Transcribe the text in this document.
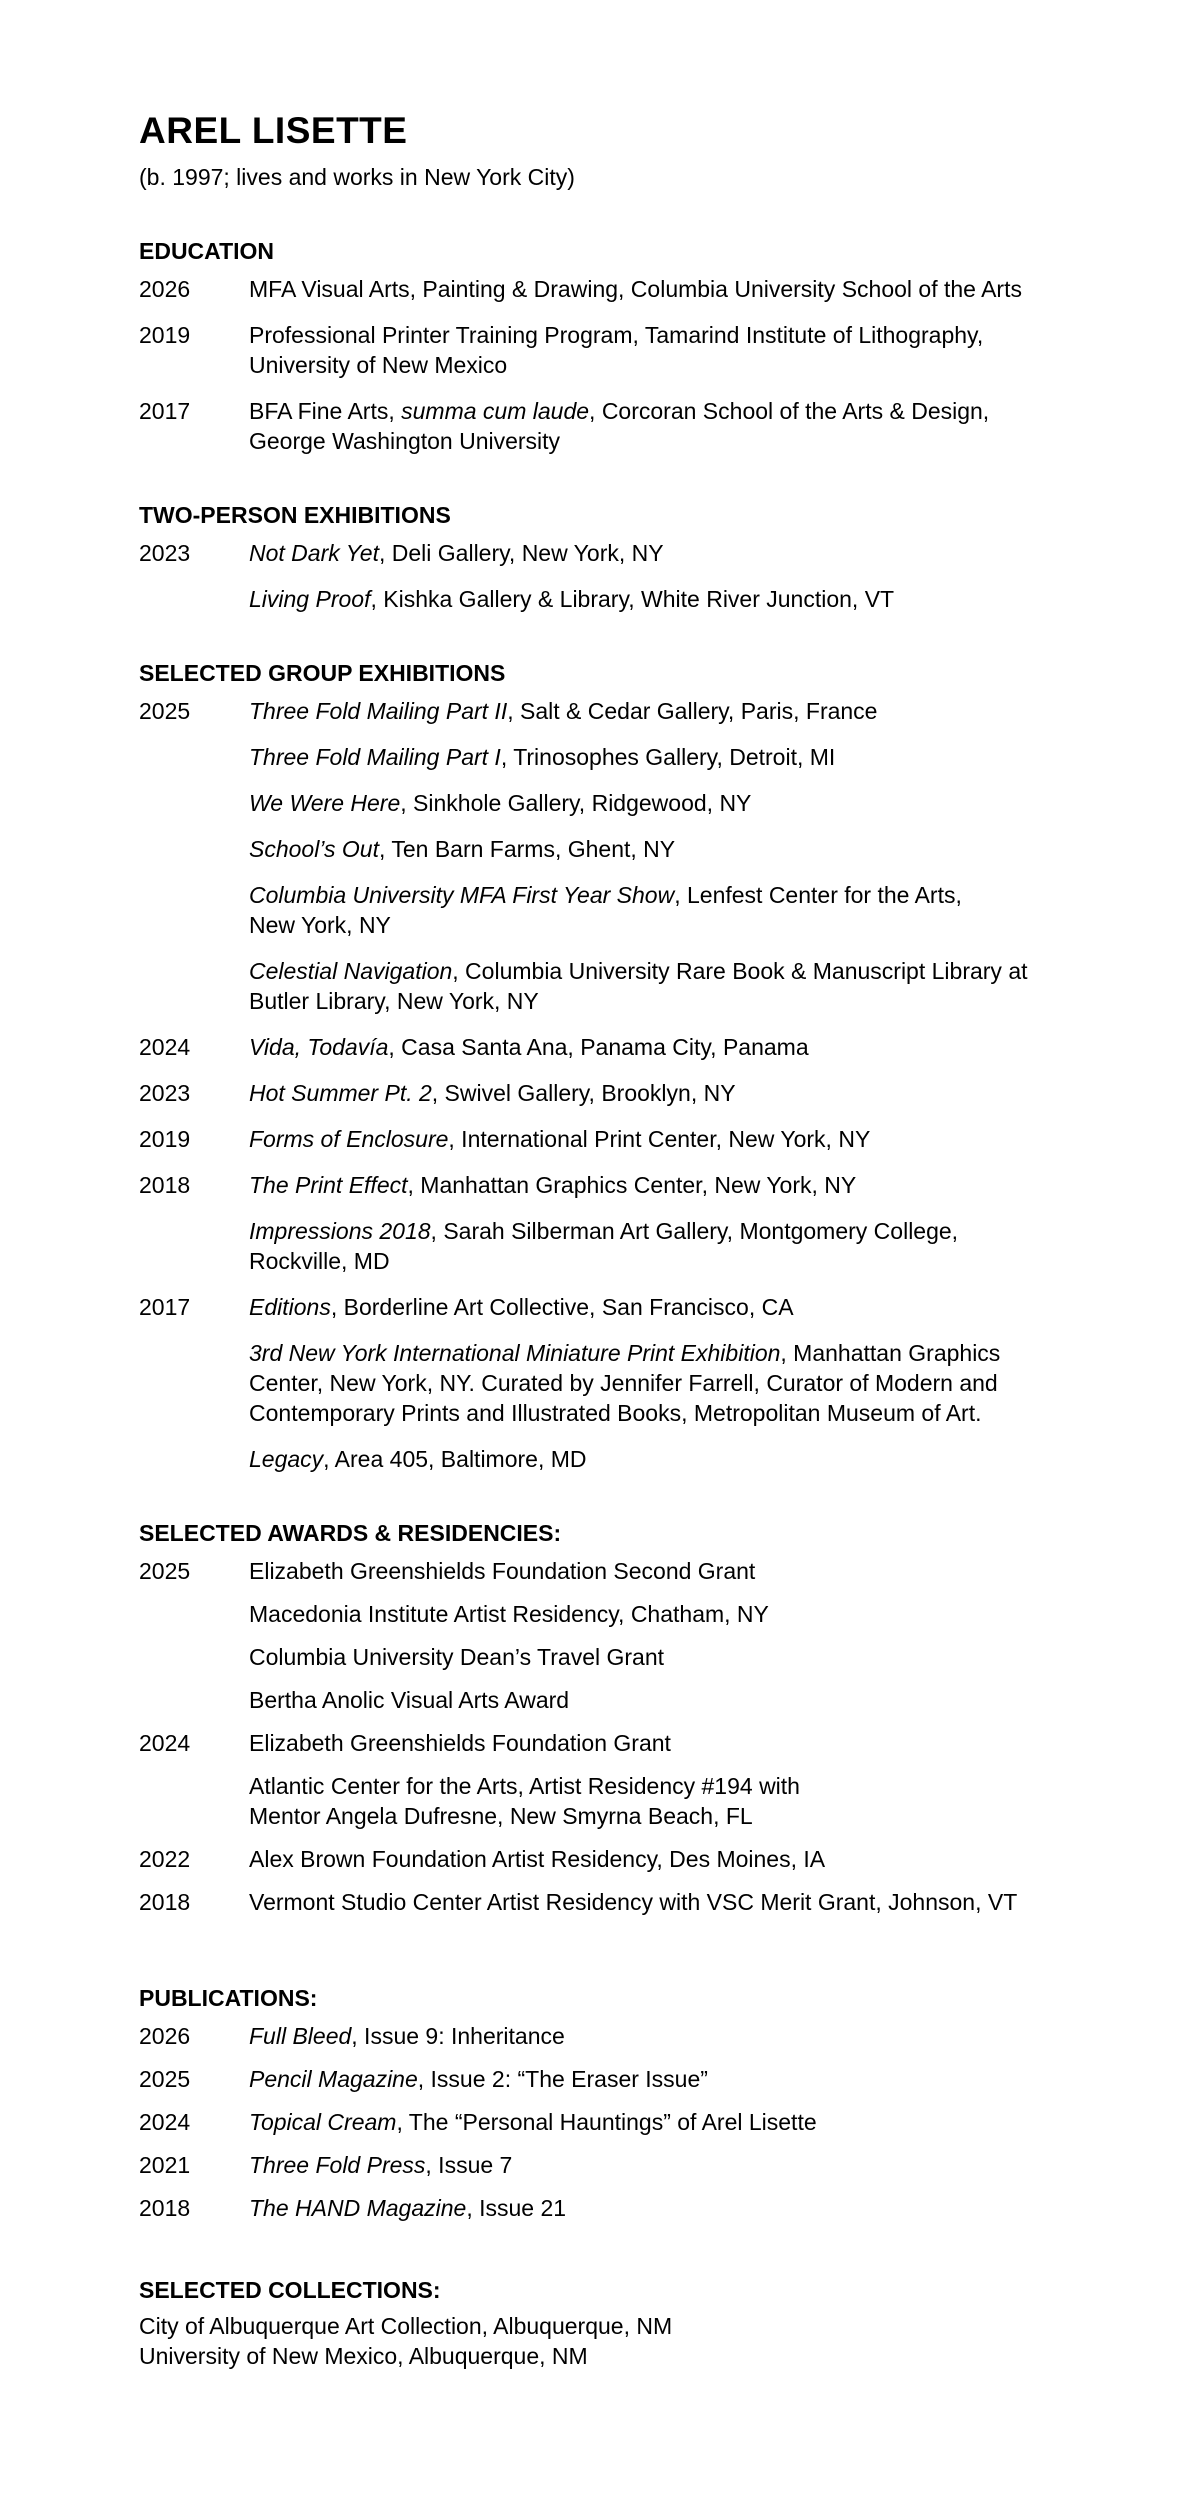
AREL LISETTE
(b. 1997; lives and works in New York City)
EDUCATION
2026	MFA Visual Arts, Painting & Drawing, Columbia University School of the Arts
2019	Professional Printer Training Program, Tamarind Institute of Lithography,
University of New Mexico
2017	BFA Fine Arts, summa cum laude, Corcoran School of the Arts & Design,
George Washington University
TWO-PERSON EXHIBITIONS
2023	Not Dark Yet, Deli Gallery, New York, NY
Living Proof, Kishka Gallery & Library, White River Junction, VT
SELECTED GROUP EXHIBITIONS
2025	Three Fold Mailing Part II, Salt & Cedar Gallery, Paris, France
Three Fold Mailing Part I, Trinosophes Gallery, Detroit, MI
We Were Here, Sinkhole Gallery, Ridgewood, NY
School’s Out, Ten Barn Farms, Ghent, NY
Columbia University MFA First Year Show, Lenfest Center for the Arts,
New York, NY
Celestial Navigation, Columbia University Rare Book & Manuscript Library at
Butler Library, New York, NY
2024	Vida, Todavía, Casa Santa Ana, Panama City, Panama
2023	Hot Summer Pt. 2, Swivel Gallery, Brooklyn, NY
2019	Forms of Enclosure, International Print Center, New York, NY
2018	The Print Effect, Manhattan Graphics Center, New York, NY
Impressions 2018, Sarah Silberman Art Gallery, Montgomery College,
Rockville, MD
2017	Editions, Borderline Art Collective, San Francisco, CA
3rd New York International Miniature Print Exhibition, Manhattan Graphics
Center, New York, NY. Curated by Jennifer Farrell, Curator of Modern and
Contemporary Prints and Illustrated Books, Metropolitan Museum of Art.
Legacy, Area 405, Baltimore, MD
SELECTED AWARDS & RESIDENCIES:
2025	Elizabeth Greenshields Foundation Second Grant
Macedonia Institute Artist Residency, Chatham, NY
Columbia University Dean’s Travel Grant
Bertha Anolic Visual Arts Award
2024	Elizabeth Greenshields Foundation Grant
Atlantic Center for the Arts, Artist Residency #194 with
Mentor Angela Dufresne, New Smyrna Beach, FL
2022	Alex Brown Foundation Artist Residency, Des Moines, IA
2018	Vermont Studio Center Artist Residency with VSC Merit Grant, Johnson, VT
PUBLICATIONS:
2026	Full Bleed, Issue 9: Inheritance
2025	Pencil Magazine, Issue 2: “The Eraser Issue”
2024	Topical Cream, The “Personal Hauntings” of Arel Lisette
2021	Three Fold Press, Issue 7
2018	The HAND Magazine, Issue 21
SELECTED COLLECTIONS:
City of Albuquerque Art Collection, Albuquerque, NM
University of New Mexico, Albuquerque, NM
